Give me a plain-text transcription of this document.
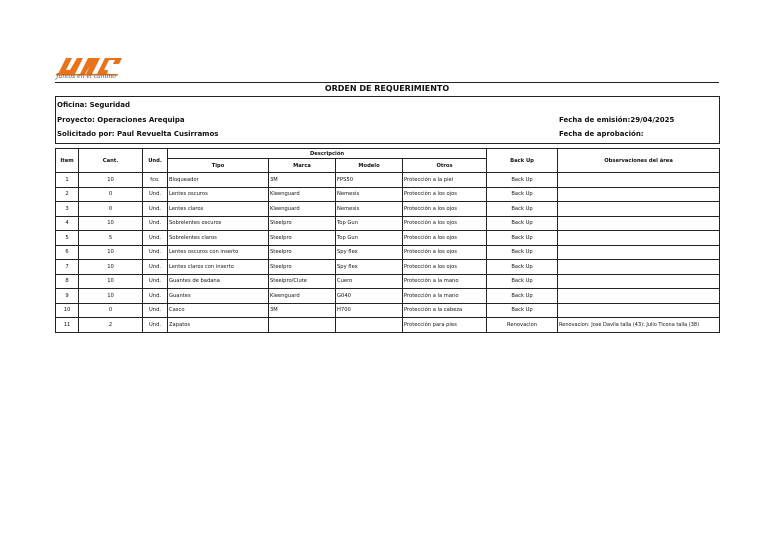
Juntos en el camino
ORDEN DE REQUERIMIENTO
Oficina: Seguridad
Proyecto: Operaciones Arequipa
Solicitado por: Paul Revuelta Cusirramos
Fecha de emisión:29/04/2025
Fecha de aprobación:
Item	Cant.	Und.	Descripción				Back Up	Observaciones del área
			Tipo	Marca	Modelo	Otros		
1	10	fco.	Bloqueador	3M	FPS50	Protección a la piel	Back Up	
2	0	Und.	Lentes oscuros	Kleenguard	Nemesis	Protección a los ojos	Back Up	
3	0	Und.	Lentes claros	Kleenguard	Nemesis	Protección a los ojos	Back Up	
4	10	Und.	Sobrelentes oscuros	Steelpro	Top Gun	Protección a los ojos	Back Up	
5	5	Und.	Sobrelentes claros	Steelpro	Top Gun	Protección a los ojos	Back Up	
6	10	Und.	Lentes oscuros con inserto	Steelpro	Spy flex	Protección a los ojos	Back Up	
7	10	Und.	Lentes claros con inserto	Steelpro	Spy flex	Protección a los ojos	Back Up	
8	10	Und.	Guantes de badana	Steelpro/Clute	Cuero	Protección a la mano	Back Up	
9	10	Und.	Guantes	Kleenguard	G040	Protección a la mano	Back Up	
10	0	Und.	Casco	3M	H700	Protección a la cabeza	Back Up	
11	2	Und.	Zapatos			Protección para pies	Renovacion	Renovacion: Jose Davila talla (43): Julio Ticona talla (38)
